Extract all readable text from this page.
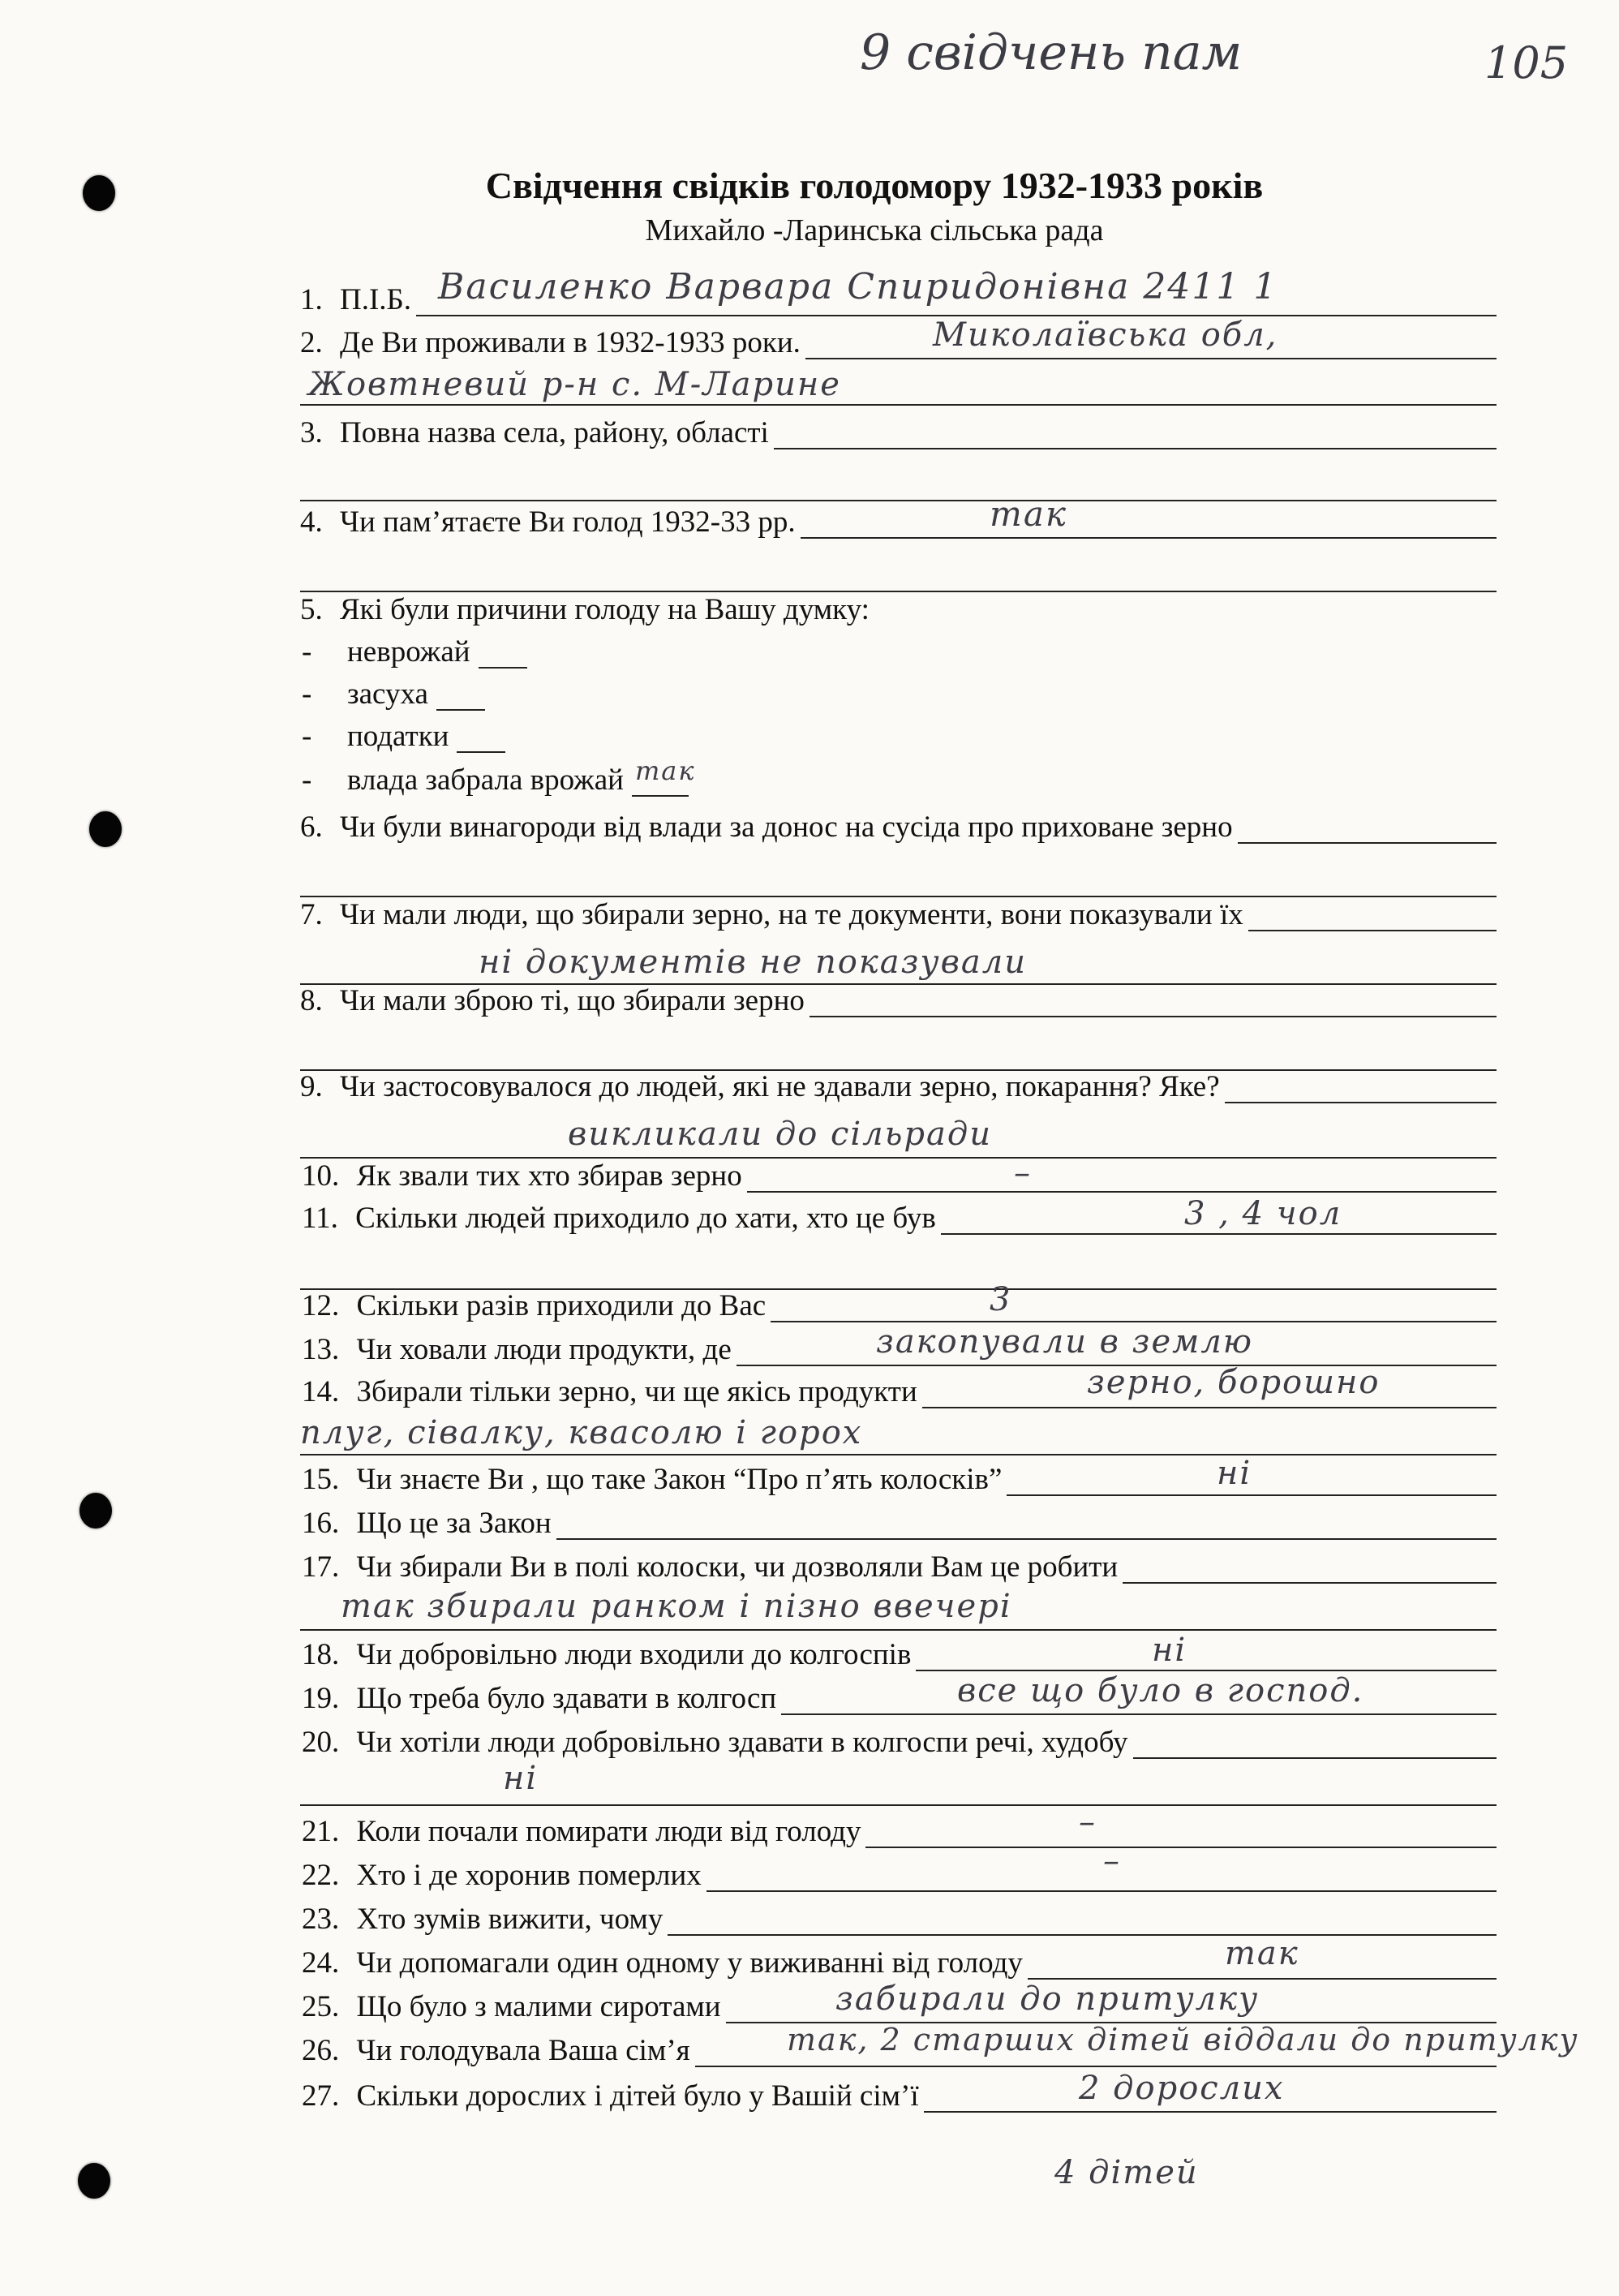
9 свідчень пам	105
Свідчення свідків голодомору 1932-1933 років
Михайло -Ларинська сільська рада
1. П.І.Б. Василенко Варвара Спиридонівна 2411 1
2. Де Ви проживали в 1932-1933 роки.	Миколаївська обл,
Жовтневий р-н с. М-Ларине
3. Повна назва села, району, області
4. Чи пам’ятаєте Ви голод 1932-33 рр.	так
5. Які були причини голоду на Вашу думку:
6. Чи були винагороди від влади за донос на сусіда про приховане зерно
7. Чи мали люди, що збирали зерно, на те документи, вони показували їх
ні документів не показували
8. Чи мали зброю ті, що збирали зерно
9. Чи застосовувалося до людей, які не здавали зерно, покарання? Яке?
викликали до сільради
10. Як звали тих хто збирав зерно	–
11. Скільки людей приходило до хати, хто це був	3 , 4 чол
12. Скільки разів приходили до Вас	3
13. Чи ховали люди продукти, де	закопували в землю
14. Збирали тільки зерно, чи ще якісь продукти	зерно, борошно
плуг, сівалку, квасолю і горох
15. Чи знаєте Ви , що таке Закон “Про п’ять колосків”	ні
16. Що це за Закон
17. Чи збирали Ви в полі колоски, чи дозволяли Вам це робити
так збирали ранком і пізно ввечері
18. Чи добровільно люди входили до колгоспів	ні
19. Що треба було здавати в колгосп	все що було в господ.
20. Чи хотіли люди добровільно здавати в колгоспи речі, худобу
ні
21. Коли почали помирати люди від голоду	–
22. Хто і де хоронив померлих	–
23. Хто зумів вижити, чому
24. Чи допомагали один одному у виживанні від голоду	так
25. Що було з малими сиротами	забирали до притулку
26. Чи голодувала Ваша сім’я	так, 2 старших дітей віддали до притулку
27. Скільки дорослих і дітей було у Вашій сім’ї	2 дорослих
4 дітей
- неврожай
- засуха
- податки
- влада забрала врожай так
